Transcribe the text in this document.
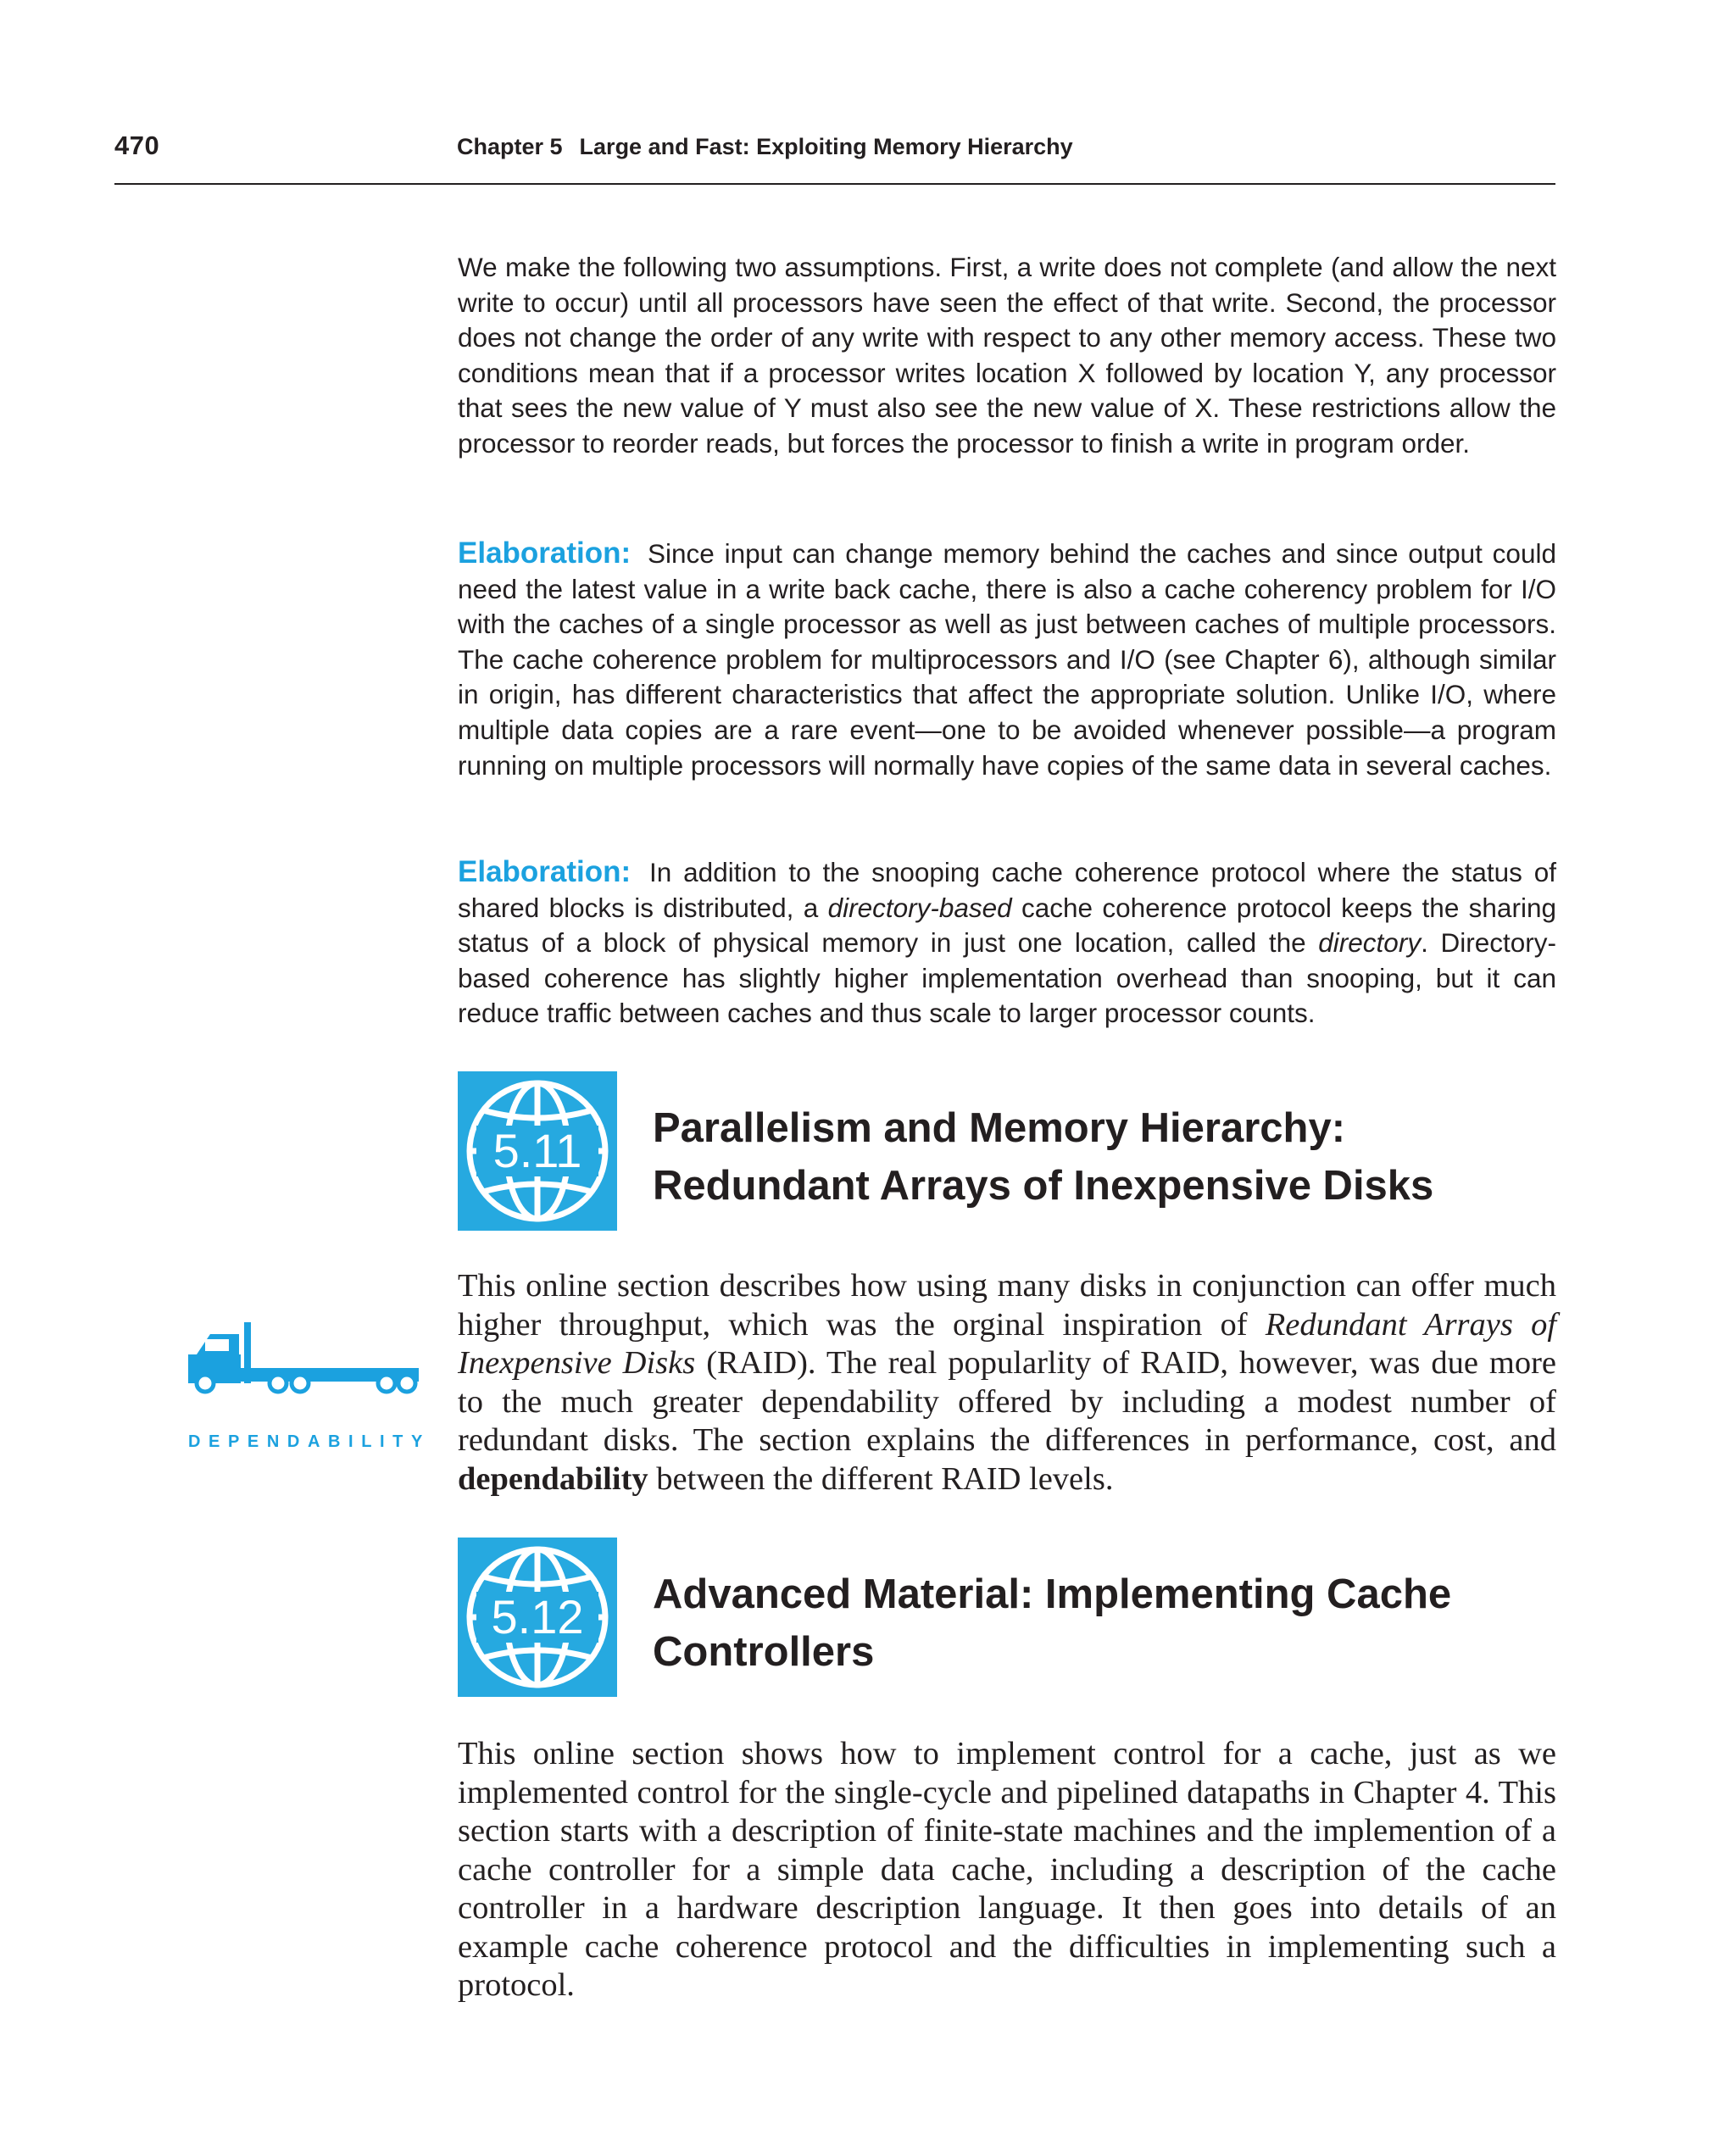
470	Chapter 5 Large and Fast: Exploiting Memory Hierarchy

We make the following two assumptions. First, a write does not complete (and allow the next write to occur) until all processors have seen the effect of that write. Second, the processor does not change the order of any write with respect to any other memory access. These two conditions mean that if a processor writes location X followed by location Y, any processor that sees the new value of Y must also see the new value of X. These restrictions allow the processor to reorder reads, but forces the processor to finish a write in program order.

Elaboration: Since input can change memory behind the caches and since output could need the latest value in a write back cache, there is also a cache coherency problem for I/O with the caches of a single processor as well as just between caches of multiple processors. The cache coherence problem for multiprocessors and I/O (see Chapter 6), although similar in origin, has different characteristics that affect the appropriate solution. Unlike I/O, where multiple data copies are a rare event—one to be avoided whenever possible—a program running on multiple processors will normally have copies of the same data in several caches.

Elaboration: In addition to the snooping cache coherence protocol where the status of shared blocks is distributed, a directory-based cache coherence protocol keeps the sharing status of a block of physical memory in just one location, called the directory. Directory-based coherence has slightly higher implementation overhead than snooping, but it can reduce traffic between caches and thus scale to larger processor counts.

5.11	Parallelism and Memory Hierarchy:
Redundant Arrays of Inexpensive Disks
DEPENDABILITY

This online section describes how using many disks in conjunction can offer much higher throughput, which was the orginal inspiration of Redundant Arrays of Inexpensive Disks (RAID). The real popularlity of RAID, however, was due more to the much greater dependability offered by including a modest number of redundant disks. The section explains the differences in performance, cost, and dependability between the different RAID levels.

5.12	Advanced Material: Implementing Cache
Controllers

This online section shows how to implement control for a cache, just as we implemented control for the single-cycle and pipelined datapaths in Chapter 4. This section starts with a description of finite-state machines and the implemention of a cache controller for a simple data cache, including a description of the cache controller in a hardware description language. It then goes into details of an example cache coherence protocol and the difficulties in implementing such a protocol.
